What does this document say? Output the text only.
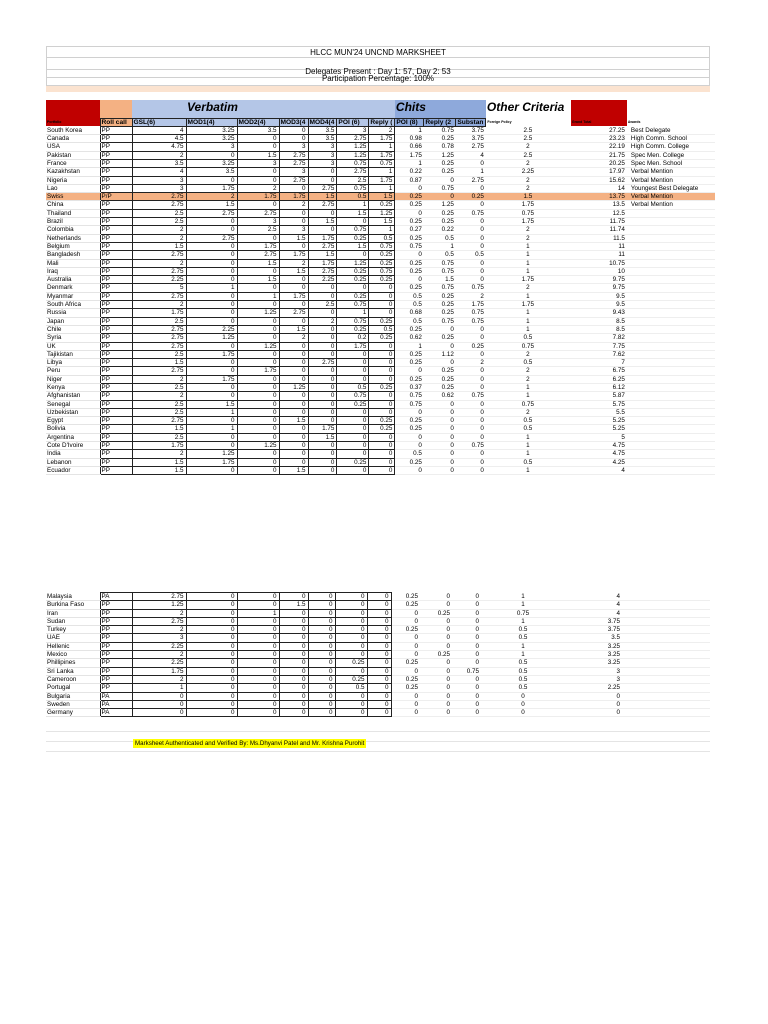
HLCC MUN'24 UNCND MARKSHEET
Delegates Present : Day 1: 57, Day 2: 53
Participation Percentage: 100%
			Verbatim						Chits			Other Criteria		
Portfolio	Roll call	GSL(6)	MOD1(4)	MOD2(4)	MOD3(4	MOD4(4	POI (6)	Reply (	POI (8)	Reply (2	Substan	Foreign Policy	Grand Total	Awards
South Korea	PP	4	3.25	3.5	0	3.5	3	2	1	0.75	3.75	2.5	27.25	Best Delegate
Canada	PP	4.5	3.25	0	0	3.5	2.75	1.75	0.98	0.25	3.75	2.5	23.23	High Comm. School
USA	PP	4.75	3	0	3	3	1.25	1	0.66	0.78	2.75	2	22.19	High Comm. College
Pakistan	PP	2	0	1.5	2.75	3	1.25	1.75	1.75	1.25	4	2.5	21.75	Spec Men. College
France	PP	3.5	3.25	3	2.75	3	0.75	0.75	1	0.25	0	2	20.25	Spec Men. School
Kazakhstan	PP	4	3.5	0	3	0	2.75	1	0.22	0.25	1	2.25	17.97	Verbal Mention
Nigeria	PP	3	0	0	2.75	0	2.5	1.75	0.87	0	2.75	2	15.62	Verbal Mention
Lao	PP	3	1.75	2	0	2.75	0.75	1	0	0.75	0	2	14	Youngest Best Delegate
Swiss	P/P	2.75	2	1.75	1.75	1.5	0.5	1.5	0.25	0	0.25	1.5	13.75	Verbal Mention
China	PP	2.75	1.5	0	2	2.75	1	0.25	0.25	1.25	0	1.75	13.5	Verbal Mention
Thailand	PP	2.5	2.75	2.75	0	0	1.5	1.25	0	0.25	0.75	0.75	12.5	
Brazil	PP	2.5	0	3	0	1.5	0	1.5	0.25	0.25	0	1.75	11.75	
Colombia	PP	2	0	2.5	3	0	0.75	1	0.27	0.22	0	2	11.74	
Netherlands	PP	2	2.75	0	1.5	1.75	0.25	0.5	0.25	0.5	0	2	11.5	
Belgium	PP	1.5	0	1.75	0	2.75	1.5	0.75	0.75	1	0	1	11	
Bangladesh	PP	2.75	0	2.75	1.75	1.5	0	0.25	0	0.5	0.5	1	11	
Mali	PP	2	0	1.5	2	1.75	1.25	0.25	0.25	0.75	0	1	10.75	
Iraq	PP	2.75	0	0	1.5	2.75	0.25	0.75	0.25	0.75	0	1	10	
Australia	PP	2.25	0	1.5	0	2.25	0.25	0.25	0	1.5	0	1.75	9.75	
Denmark	PP	5	1	0	0	0	0	0	0.25	0.75	0.75	2	9.75	
Myanmar	PP	2.75	0	1	1.75	0	0.25	0	0.5	0.25	2	1	9.5	
South Africa	PP	2	0	0	0	2.5	0.75	0	0.5	0.25	1.75	1.75	9.5	
Russia	PP	1.75	0	1.25	2.75	0	1	0	0.68	0.25	0.75	1	9.43	
Japan	PP	2.5	0	0	0	2	0.75	0.25	0.5	0.75	0.75	1	8.5	
Chile	PP	2.75	2.25	0	1.5	0	0.25	0.5	0.25	0	0	1	8.5	
Syria	PP	2.75	1.25	0	2	0	0.2	0.25	0.62	0.25	0	0.5	7.82	
UK	PP	2.75	0	1.25	0	0	1.75	0	1	0	0.25	0.75	7.75	
Tajikistan	PP	2.5	1.75	0	0	0	0	0	0.25	1.12	0	2	7.62	
Libya	PP	1.5	0	0	0	2.75	0	0	0.25	0	2	0.5	7	
Peru	PP	2.75	0	1.75	0	0	0	0	0	0.25	0	2	6.75	
Niger	PP	2	1.75	0	0	0	0	0	0.25	0.25	0	2	6.25	
Kenya	PP	2.5	0	0	1.25	0	0.5	0.25	0.37	0.25	0	1	6.12	
Afghanistan	PP	2	0	0	0	0	0.75	0	0.75	0.62	0.75	1	5.87	
Senegal	PP	2.5	1.5	0	0	0	0.25	0	0.75	0	0	0.75	5.75	
Uzbekistan	PP	2.5	1	0	0	0	0	0	0	0	0	2	5.5	
Egypt	PP	2.75	0	0	1.5	0	0	0.25	0.25	0	0	0.5	5.25	
Bolivia	PP	1.5	1	0	0	1.75	0	0.25	0.25	0	0	0.5	5.25	
Argentina	PP	2.5	0	0	0	1.5	0	0	0	0	0	1	5	
Cote D'Ivoire	PP	1.75	0	1.25	0	0	0	0	0	0	0.75	1	4.75	
India	PP	2	1.25	0	0	0	0	0	0.5	0	0	1	4.75	
Lebanon	PP	1.5	1.75	0	0	0	0.25	0	0.25	0	0	0.5	4.25	
Ecuador	PP	1.5	0	0	1.5	0	0	0	0	0	0	1	4	
Malaysia	PA	2.75	0	0	0	0	0	0	0.25	0	0	1	4	
Burkina Faso	PP	1.25	0	0	1.5	0	0	0	0.25	0	0	1	4	
Iran	PP	2	0	1	0	0	0	0	0	0.25	0	0.75	4	
Sudan	PP	2.75	0	0	0	0	0	0	0	0	0	1	3.75	
Turkey	PP	2	0	0	0	0	0	0	0.25	0	0	0.5	3.75	
UAE	PP	3	0	0	0	0	0	0	0	0	0	0.5	3.5	
Hellenic	PP	2.25	0	0	0	0	0	0	0	0	0	1	3.25	
Mexico	PP	2	0	0	0	0	0	0	0	0.25	0	1	3.25	
Phillipines	PP	2.25	0	0	0	0	0.25	0	0.25	0	0	0.5	3.25	
Sri Lanka	PP	1.75	0	0	0	0	0	0	0	0	0.75	0.5	3	
Cameroon	PP	2	0	0	0	0	0.25	0	0.25	0	0	0.5	3	
Portugal	PP	1	0	0	0	0	0.5	0	0.25	0	0	0.5	2.25	
Bulgaria	PA	0	0	0	0	0	0	0	0	0	0	0	0	
Sweden	PA	0	0	0	0	0	0	0	0	0	0	0	0	
Germany	PA	0	0	0	0	0	0	0	0	0	0	0	0	
Marksheet Authenticated and Verified By: Ms.Dhyanvi Patel and Mr. Krishna Purohit
